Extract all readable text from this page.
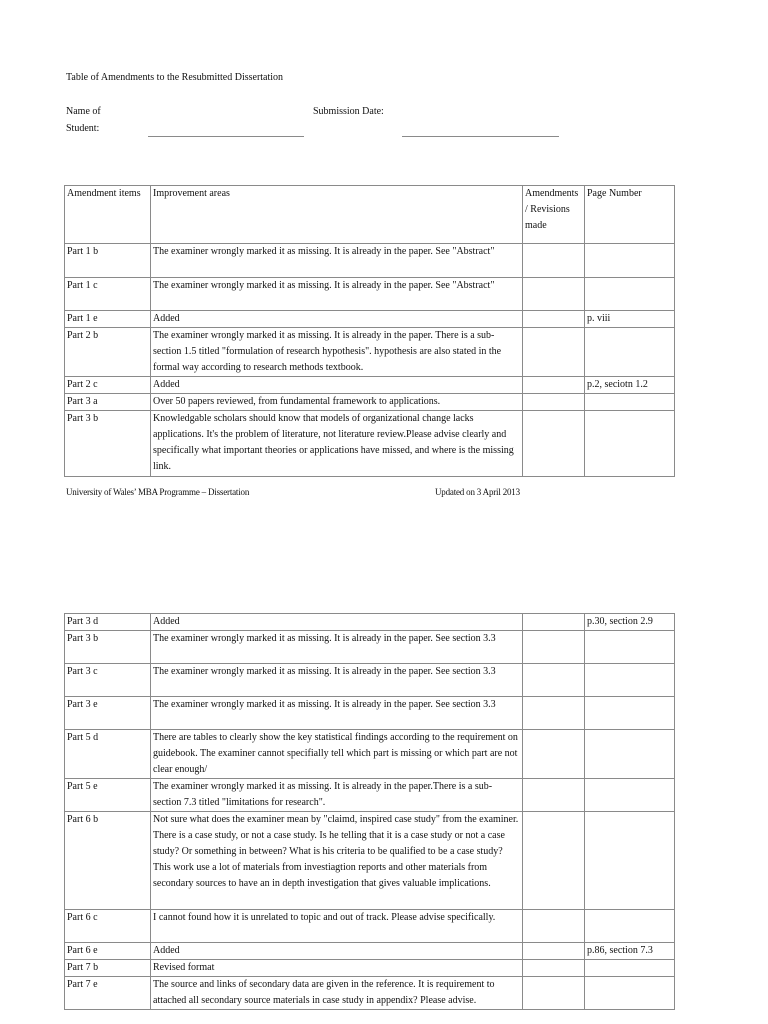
Table of Amendments to the Resubmitted Dissertation
Name of
Student:
Submission Date:
Amendment items	Improvement areas	Amendments / Revisions made	Page Number
Part 1 b	The examiner wrongly marked it as missing. It is already in the paper. See "Abstract"		
Part 1 c	The examiner wrongly marked it as missing. It is already in the paper. See "Abstract"		
Part 1 e	Added		p. viii
Part 2 b	The examiner wrongly marked it as missing. It is already in the paper. There is a sub-section 1.5 titled "formulation of research hypothesis". hypothesis are also stated in the formal way according to research methods textbook.		
Part 2 c	Added		p.2, seciotn 1.2
Part 3 a	Over 50 papers reviewed, from fundamental framework to applications.		
Part 3 b	Knowledgable scholars should know that models of organizational change lacks applications. It's the problem of literature, not literature review.Please advise clearly and specifically what important theories or applications have missed, and where is the missing link.		
University of Wales’ MBA Programme – Dissertation	Updated on 3 April 2013
Part 3 d	Added		p.30, section 2.9
Part 3 b	The examiner wrongly marked it as missing. It is already in the paper. See section 3.3		
Part 3 c	The examiner wrongly marked it as missing. It is already in the paper. See section 3.3		
Part 3 e	The examiner wrongly marked it as missing. It is already in the paper. See section 3.3		
Part 5 d	There are tables to clearly show the key statistical findings according to the requirement on guidebook. The examiner cannot specifially tell which part is missing or which part are not clear enough/		
Part 5 e	The examiner wrongly marked it as missing. It is already in the paper.There is a sub-section 7.3 titled "limitations for research".		
Part 6 b	Not sure what does the examiner mean by "claimd, inspired case study" from the examiner. There is a case study, or not a case study. Is he telling that it is a case study or not a case study? Or something in between? What is his criteria to be qualified to be a case study? This work use a lot of materials from investiagtion reports and other materials from secondary sources to have an in depth investigation that gives valuable implications.		
Part 6 c	I cannot found how it is unrelated to topic and out of track. Please advise specifically.		
Part 6 e	Added		p.86, section 7.3
Part 7 b	Revised format		
Part 7 e	The source and links of secondary data are given in the reference. It is requirement to attached all secondary source materials in case study in appendix? Please advise.		
